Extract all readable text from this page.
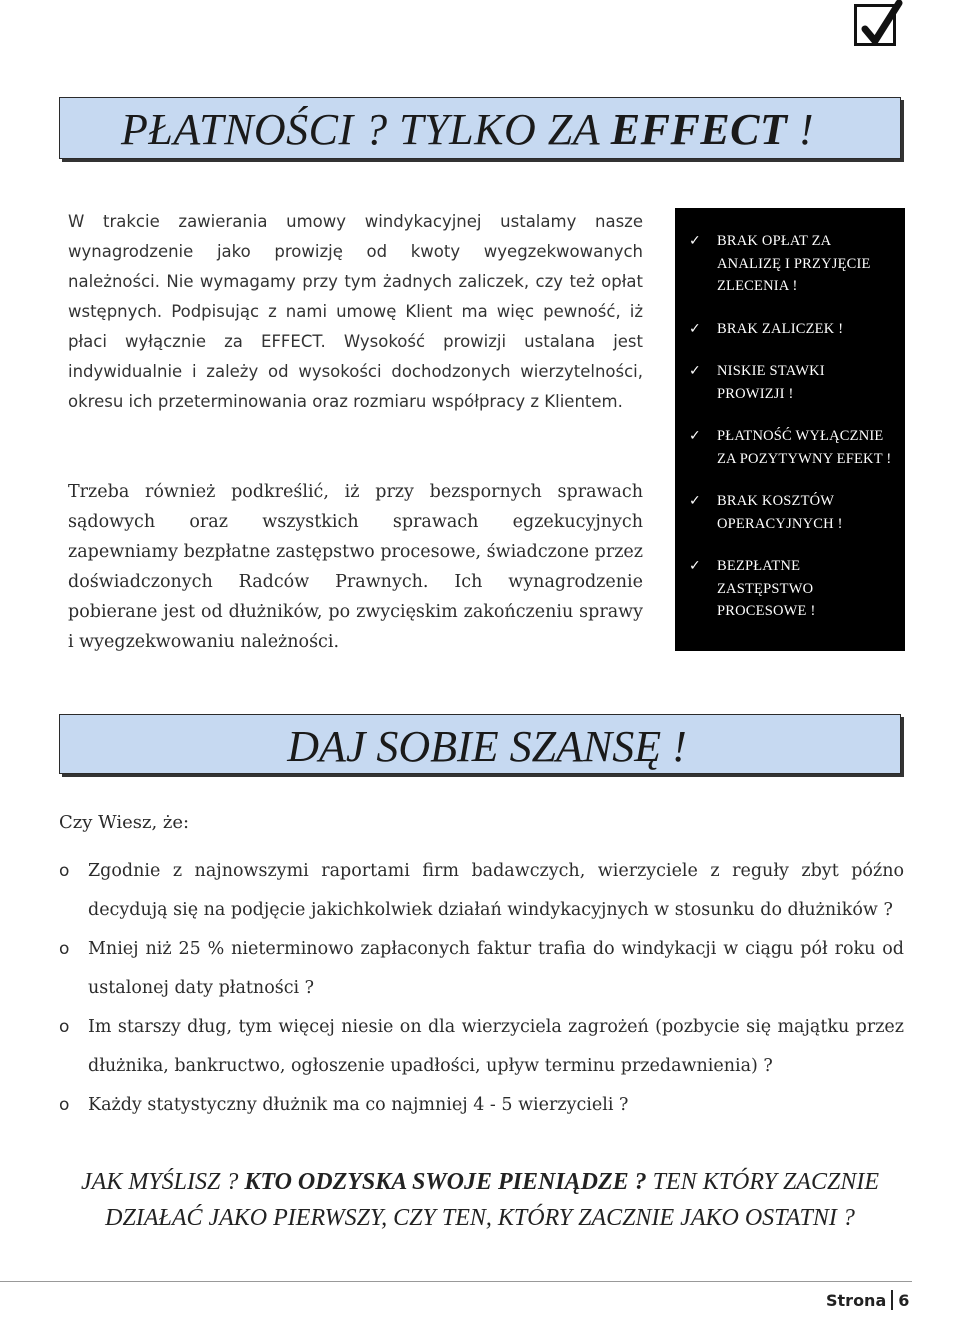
PŁATNOŚCI ? TYLKO ZA EFFECT !
W trakcie zawierania umowy windykacyjnej ustalamy nasze wynagrodzenie jako prowizję od kwoty wyegzekwowanych należności. Nie wymagamy przy tym żadnych zaliczek, czy też opłat wstępnych. Podpisując z nami umowę Klient ma więc pewność, iż płaci wyłącznie za EFFECT. Wysokość prowizji ustalana jest indywidualnie i zależy od wysokości dochodzonych wierzytelności, okresu ich przeterminowania oraz rozmiaru współpracy z Klientem.
Trzeba również podkreślić, iż przy bezspornych sprawach sądowych oraz wszystkich sprawach egzekucyjnych zapewniamy bezpłatne zastępstwo procesowe, świadczone przez doświadczonych Radców Prawnych. Ich wynagrodzenie pobierane jest od dłużników, po zwycięskim zakończeniu sprawy i wyegzekwowaniu należności.
✓ BRAK OPŁAT ZA ANALIZĘ I PRZYJĘCIE ZLECENIA !
✓ BRAK ZALICZEK !
✓ NISKIE STAWKI PROWIZJI !
✓ PŁATNOŚĆ WYŁĄCZNIE ZA POZYTYWNY EFEKT !
✓ BRAK KOSZTÓW OPERACYJNYCH !
✓ BEZPŁATNE ZASTĘPSTWO PROCESOWE !
DAJ SOBIE SZANSĘ !
Czy Wiesz, że:
o Zgodnie z najnowszymi raportami firm badawczych, wierzyciele z reguły zbyt późno decydują się na podjęcie jakichkolwiek działań windykacyjnych w stosunku do dłużników ?
o Mniej niż 25 % nieterminowo zapłaconych faktur trafia do windykacji w ciągu pół roku od ustalonej daty płatności ?
o Im starszy dług, tym więcej niesie on dla wierzyciela zagrożeń (pozbycie się majątku przez dłużnika, bankructwo, ogłoszenie upadłości, upływ terminu przedawnienia) ?
o Każdy statystyczny dłużnik ma co najmniej 4 - 5 wierzycieli ?
JAK MYŚLISZ ? KTO ODZYSKA SWOJE PIENIĄDZE ? TEN KTÓRY ZACZNIE DZIAŁAĆ JAKO PIERWSZY, CZY TEN, KTÓRY ZACZNIE JAKO OSTATNI ?
Strona 6
